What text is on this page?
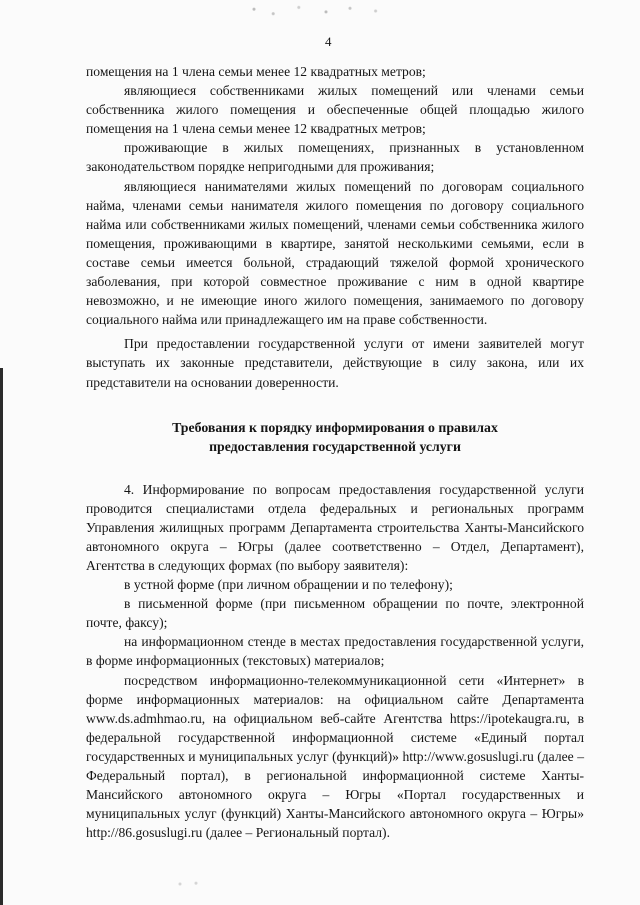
4

помещения на 1 члена семьи менее 12 квадратных метров;

являющиеся собственниками жилых помещений или членами семьи собственника жилого помещения и обеспеченные общей площадью жилого помещения на 1 члена семьи менее 12 квадратных метров;

проживающие в жилых помещениях, признанных в установленном законодательством порядке непригодными для проживания;

являющиеся нанимателями жилых помещений по договорам социального найма, членами семьи нанимателя жилого помещения по договору социального найма или собственниками жилых помещений, членами семьи собственника жилого помещения, проживающими в квартире, занятой несколькими семьями, если в составе семьи имеется больной, страдающий тяжелой формой хронического заболевания, при которой совместное проживание с ним в одной квартире невозможно, и не имеющие иного жилого помещения, занимаемого по договору социального найма или принадлежащего им на праве собственности.

При предоставлении государственной услуги от имени заявителей могут выступать их законные представители, действующие в силу закона, или их представители на основании доверенности.

Требования к порядку информирования о правилах
предоставления государственной услуги

4. Информирование по вопросам предоставления государственной услуги проводится специалистами отдела федеральных и региональных программ Управления жилищных программ Департамента строительства Ханты-Мансийского автономного округа – Югры (далее соответственно – Отдел, Департамент), Агентства в следующих формах (по выбору заявителя):

в устной форме (при личном обращении и по телефону);

в письменной форме (при письменном обращении по почте, электронной почте, факсу);

на информационном стенде в местах предоставления государственной услуги, в форме информационных (текстовых) материалов;

посредством информационно-телекоммуникационной сети «Интернет» в форме информационных материалов: на официальном сайте Департамента www.ds.admhmao.ru, на официальном веб-сайте Агентства https://ipotekaugra.ru, в федеральной государственной информационной системе «Единый портал государственных и муниципальных услуг (функций)» http://www.gosuslugi.ru (далее – Федеральный портал), в региональной информационной системе Ханты-Мансийского автономного округа – Югры «Портал государственных и муниципальных услуг (функций) Ханты-Мансийского автономного округа – Югры» http://86.gosuslugi.ru (далее – Региональный портал).
